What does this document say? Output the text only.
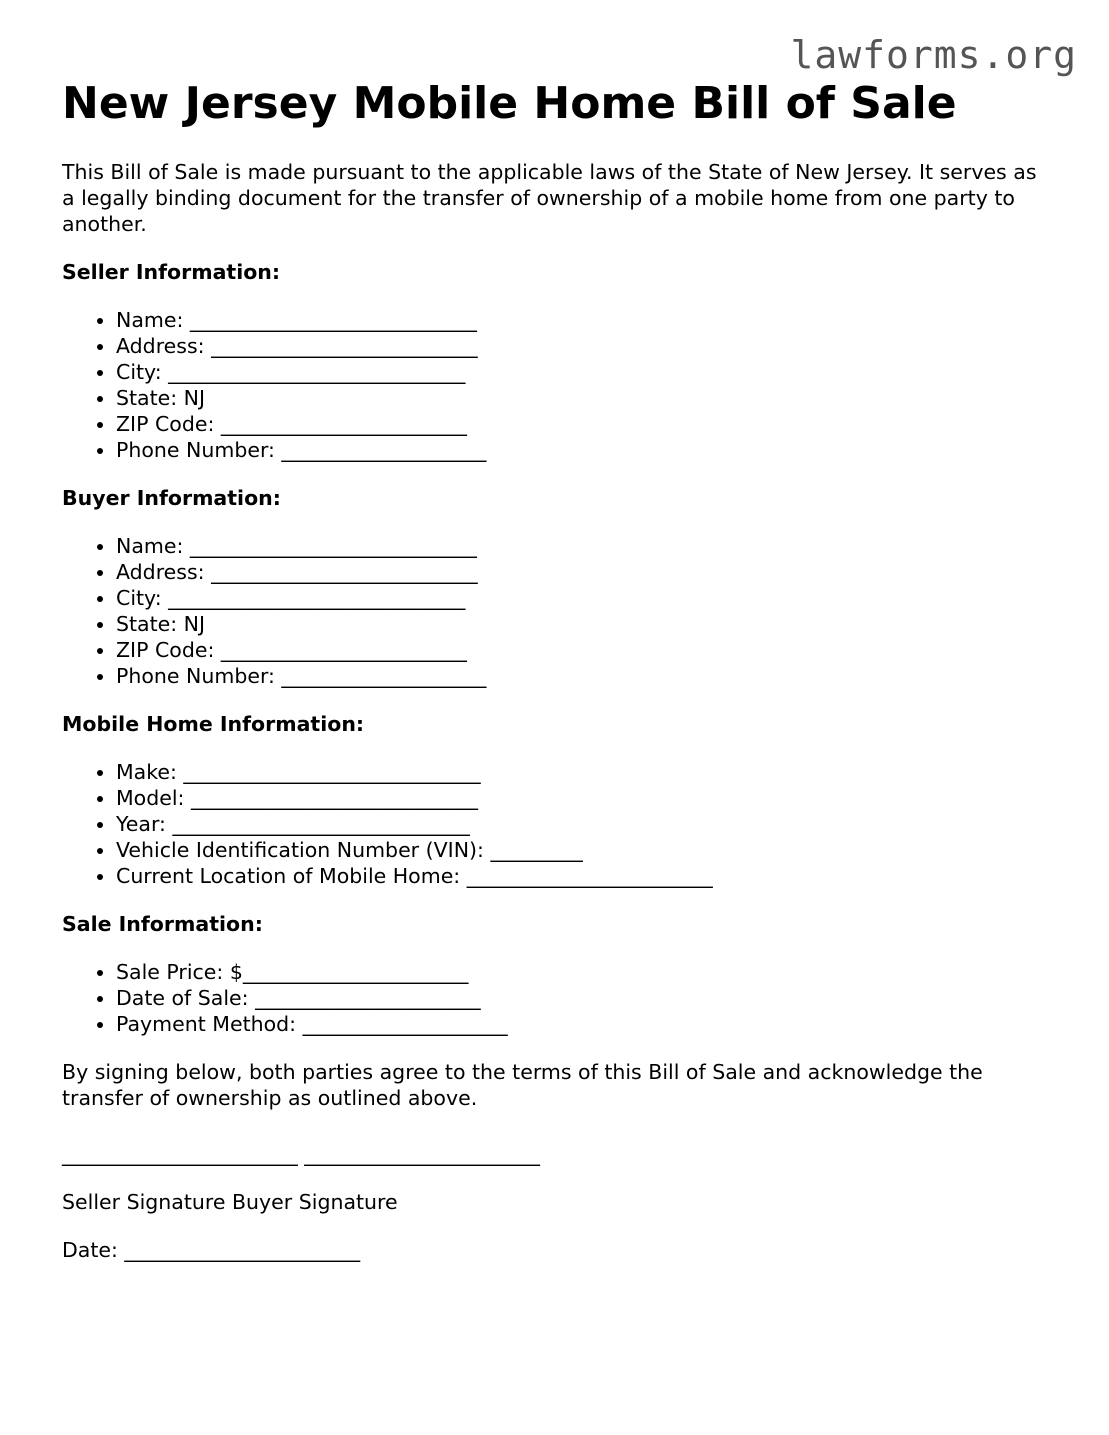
lawforms.org
New Jersey Mobile Home Bill of Sale

This Bill of Sale is made pursuant to the applicable laws of the State of New Jersey. It serves as a legally binding document for the transfer of ownership of a mobile home from one party to another.

Seller Information:
• Name: ____________________________
• Address: __________________________
• City: _____________________________
• State: NJ
• ZIP Code: ________________________
• Phone Number: ____________________
Buyer Information:
• Name: ____________________________
• Address: __________________________
• City: _____________________________
• State: NJ
• ZIP Code: ________________________
• Phone Number: ____________________
Mobile Home Information:
• Make: _____________________________
• Model: ____________________________
• Year: _____________________________
• Vehicle Identification Number (VIN): _________
• Current Location of Mobile Home: ________________________
Sale Information:
• Sale Price: $______________________
• Date of Sale: ______________________
• Payment Method: ____________________

By signing below, both parties agree to the terms of this Bill of Sale and acknowledge the transfer of ownership as outlined above.

_______________________ _______________________

Seller Signature Buyer Signature

Date: _______________________
